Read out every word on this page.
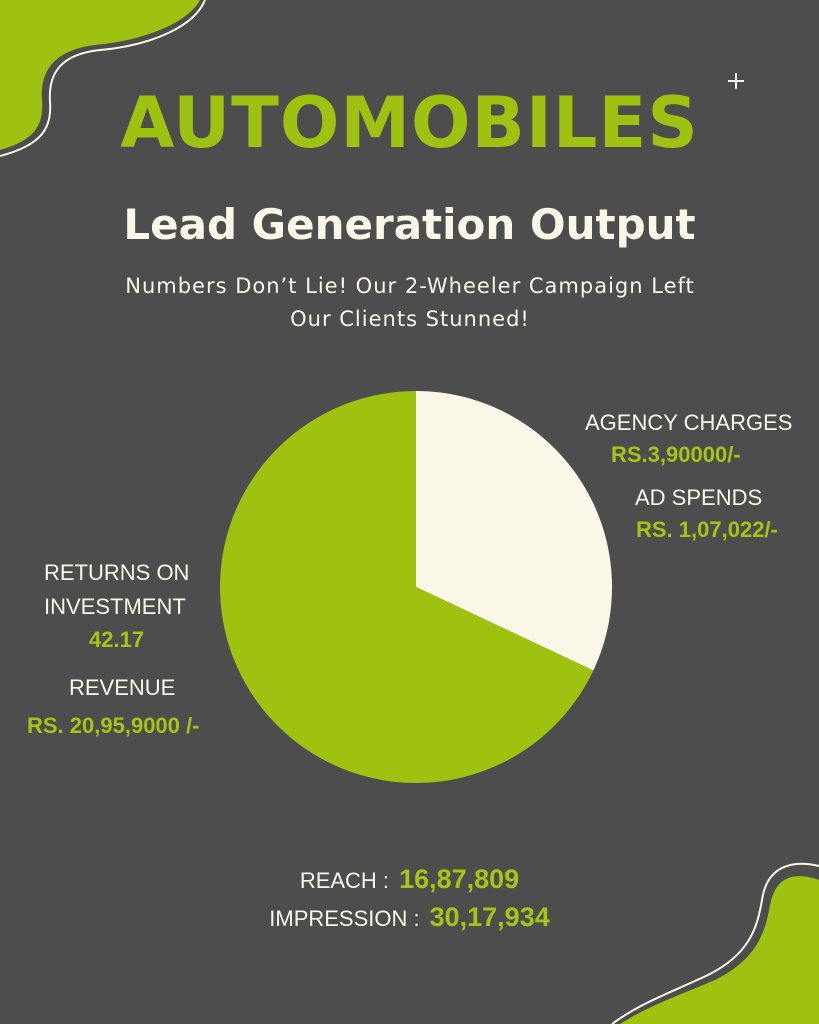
AUTOMOBILES
Lead Generation Output
Numbers Don’t Lie! Our 2-Wheeler Campaign Left
Our Clients Stunned!
AGENCY CHARGES
RS.3,90000/-
AD SPENDS
RS. 1,07,022/-
RETURNS ON
INVESTMENT
42.17
REVENUE
RS. 20,95,9000 /-
REACH : 16,87,809
IMPRESSION : 30,17,934
